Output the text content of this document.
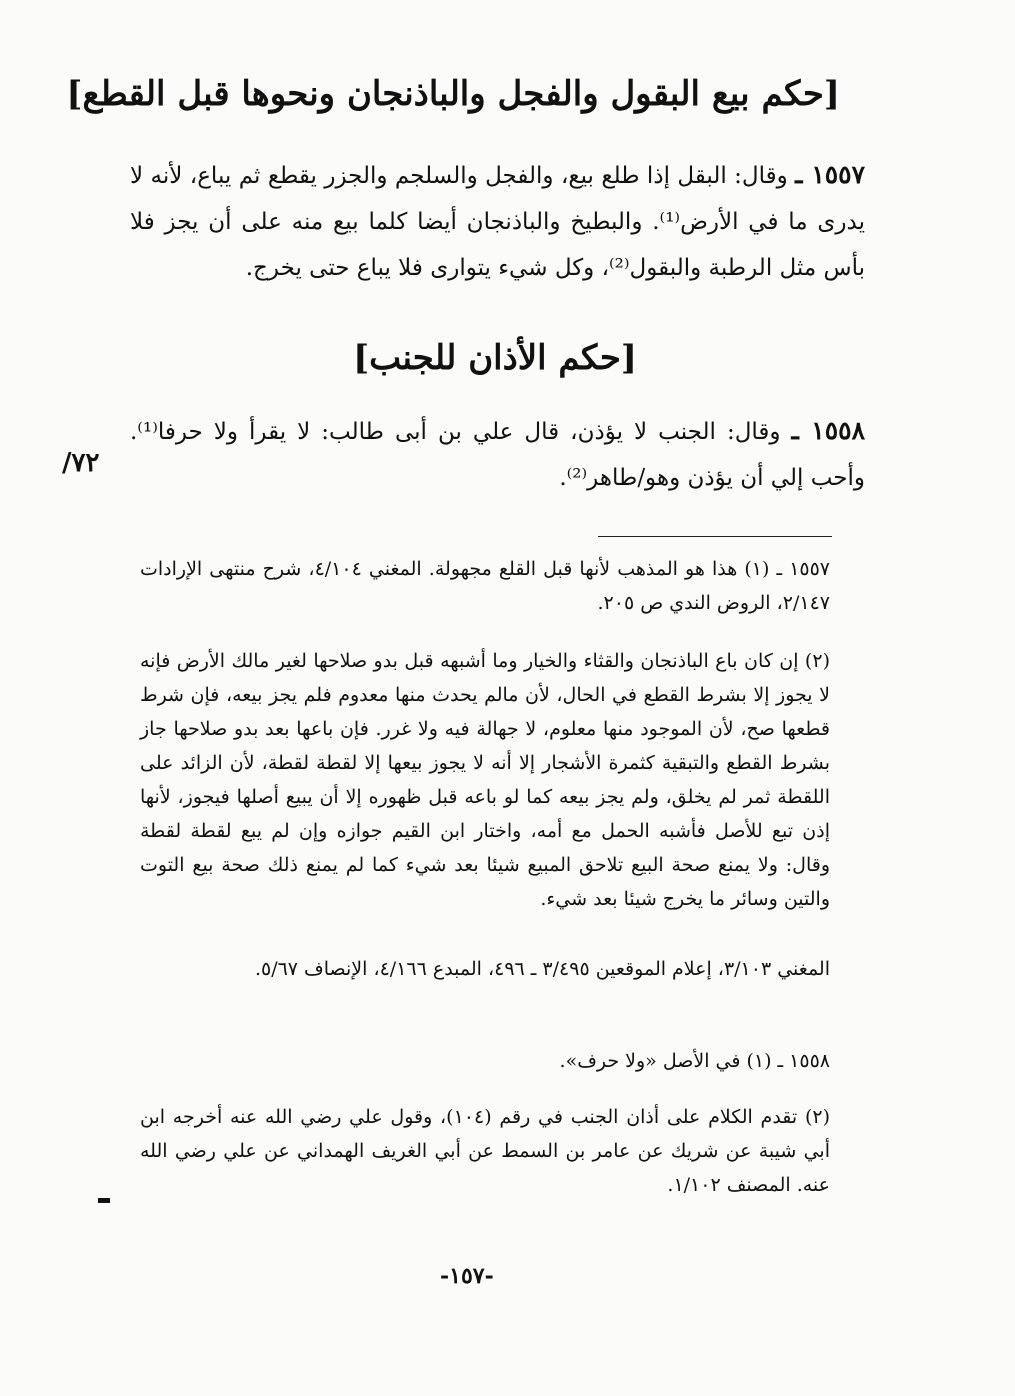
[حكم بيع البقول والفجل والباذنجان ونحوها قبل القطع]
١٥٥٧ ـ وقال: البقل إذا طلع بيع، والفجل والسلجم والجزر يقطع ثم يباع، لأنه لا يدرى ما في الأرض⁽¹⁾. والبطيخ والباذنجان أيضا كلما بيع منه على أن يجز فلا بأس مثل الرطبة والبقول⁽²⁾، وكل شيء يتوارى فلا يباع حتى يخرج.
[حكم الأذان للجنب]
١٥٥٨ ـ وقال: الجنب لا يؤذن، قال علي بن أبى طالب: لا يقرأ ولا حرفا⁽¹⁾. وأحب إلي أن يؤذن وهو/طاهر⁽²⁾.
٧٢/
١٥٥٧ ـ (١) هذا هو المذهب لأنها قبل القلع مجهولة. المغني ٤/١٠٤، شرح منتهى الإرادات ٢/١٤٧، الروض الندي ص ٢٠٥.
(٢) إن كان باع الباذنجان والقثاء والخيار وما أشبهه قبل بدو صلاحها لغير مالك الأرض فإنه لا يجوز إلا بشرط القطع في الحال، لأن مالم يحدث منها معدوم فلم يجز بيعه، فإن شرط قطعها صح، لأن الموجود منها معلوم، لا جهالة فيه ولا غرر. فإن باعها بعد بدو صلاحها جاز بشرط القطع والتبقية كثمرة الأشجار إلا أنه لا يجوز بيعها إلا لقطة لقطة، لأن الزائد على اللقطة ثمر لم يخلق، ولم يجز بيعه كما لو باعه قبل ظهوره إلا أن يبيع أصلها فيجوز، لأنها إذن تبع للأصل فأشبه الحمل مع أمه، واختار ابن القيم جوازه وإن لم يبع لقطة لقطة وقال: ولا يمنع صحة البيع تلاحق المبيع شيئا بعد شيء كما لم يمنع ذلك صحة بيع التوت والتين وسائر ما يخرج شيئا بعد شيء.
المغني ٣/١٠٣، إعلام الموقعين ٣/٤٩٥ ـ ٤٩٦، المبدع ٤/١٦٦، الإنصاف ٥/٦٧.
١٥٥٨ ـ (١) في الأصل «ولا حرف».
(٢) تقدم الكلام على أذان الجنب في رقم (١٠٤)، وقول علي رضي الله عنه أخرجه ابن أبي شيبة عن شريك عن عامر بن السمط عن أبي الغريف الهمداني عن علي رضي الله عنه. المصنف ١/١٠٢.
-١٥٧-
